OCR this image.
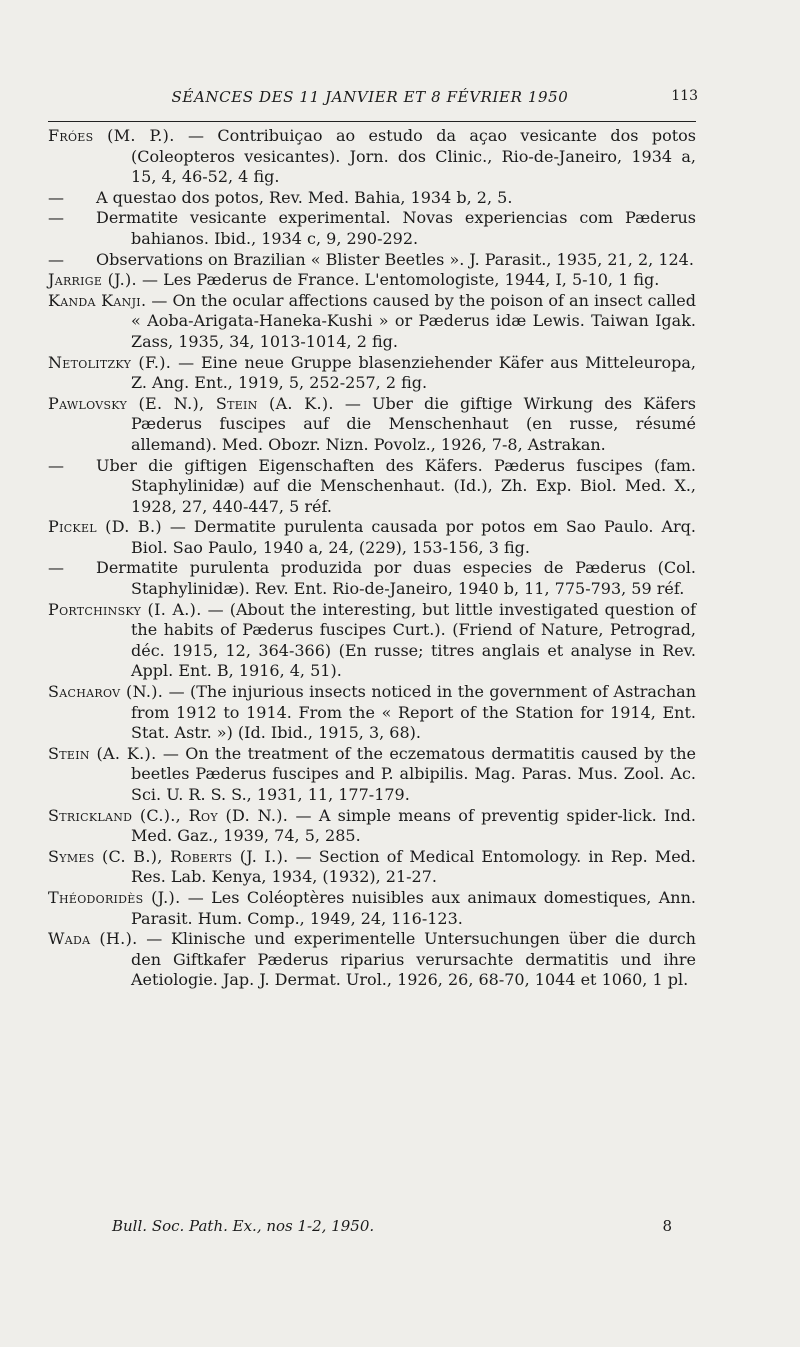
SÉANCES DES 11 JANVIER ET 8 FÉVRIER 1950	113
Fróes (M. P.). — Contribuiçao ao estudo da açao vesicante dos potos (Coleopteros vesicantes). Jorn. dos Clinic., Rio-de-Janeiro, 1934 a, 15, 4, 46-52, 4 fig.
— A questao dos potos, Rev. Med. Bahia, 1934 b, 2, 5.
— Dermatite vesicante experimental. Novas experiencias com Pæderus bahianos. Ibid., 1934 c, 9, 290-292.
— Observations on Brazilian « Blister Beetles ». J. Parasit., 1935, 21, 2, 124.
Jarrige (J.). — Les Pæderus de France. L'entomologiste, 1944, I, 5-10, 1 fig.
Kanda Kanji. — On the ocular affections caused by the poison of an insect called « Aoba-Arigata-Haneka-Kushi » or Pæderus idæ Lewis. Taiwan Igak. Zass, 1935, 34, 1013-1014, 2 fig.
Netolitzky (F.). — Eine neue Gruppe blasenziehender Käfer aus Mitteleuropa, Z. Ang. Ent., 1919, 5, 252-257, 2 fig.
Pawlovsky (E. N.), Stein (A. K.). — Uber die giftige Wirkung des Käfers Pæderus fuscipes auf die Menschenhaut (en russe, résumé allemand). Med. Obozr. Nizn. Povolz., 1926, 7-8, Astrakan.
— Uber die giftigen Eigenschaften des Käfers. Pæderus fuscipes (fam. Staphylinidæ) auf die Menschenhaut. (Id.), Zh. Exp. Biol. Med. X., 1928, 27, 440-447, 5 réf.
Pickel (D. B.) — Dermatite purulenta causada por potos em Sao Paulo. Arq. Biol. Sao Paulo, 1940 a, 24, (229), 153-156, 3 fig.
— Dermatite purulenta produzida por duas especies de Pæderus (Col. Staphylinidæ). Rev. Ent. Rio-de-Janeiro, 1940 b, 11, 775-793, 59 réf.
Portchinsky (I. A.). — (About the interesting, but little investigated question of the habits of Pæderus fuscipes Curt.). (Friend of Nature, Petrograd, déc. 1915, 12, 364-366) (En russe; titres anglais et analyse in Rev. Appl. Ent. B, 1916, 4, 51).
Sacharov (N.). — (The injurious insects noticed in the government of Astrachan from 1912 to 1914. From the « Report of the Station for 1914, Ent. Stat. Astr. ») (Id. Ibid., 1915, 3, 68).
Stein (A. K.). — On the treatment of the eczematous dermatitis caused by the beetles Pæderus fuscipes and P. albipilis. Mag. Paras. Mus. Zool. Ac. Sci. U. R. S. S., 1931, 11, 177-179.
Strickland (C.)., Roy (D. N.). — A simple means of preventig spider-lick. Ind. Med. Gaz., 1939, 74, 5, 285.
Symes (C. B.), Roberts (J. I.). — Section of Medical Entomology. in Rep. Med. Res. Lab. Kenya, 1934, (1932), 21-27.
Théodoridès (J.). — Les Coléoptères nuisibles aux animaux domestiques, Ann. Parasit. Hum. Comp., 1949, 24, 116-123.
Wada (H.). — Klinische und experimentelle Untersuchungen über die durch den Giftkafer Pæderus riparius verursachte dermatitis und ihre Aetiologie. Jap. J. Dermat. Urol., 1926, 26, 68-70, 1044 et 1060, 1 pl.
Bull. Soc. Path. Ex., nos 1-2, 1950.	8
